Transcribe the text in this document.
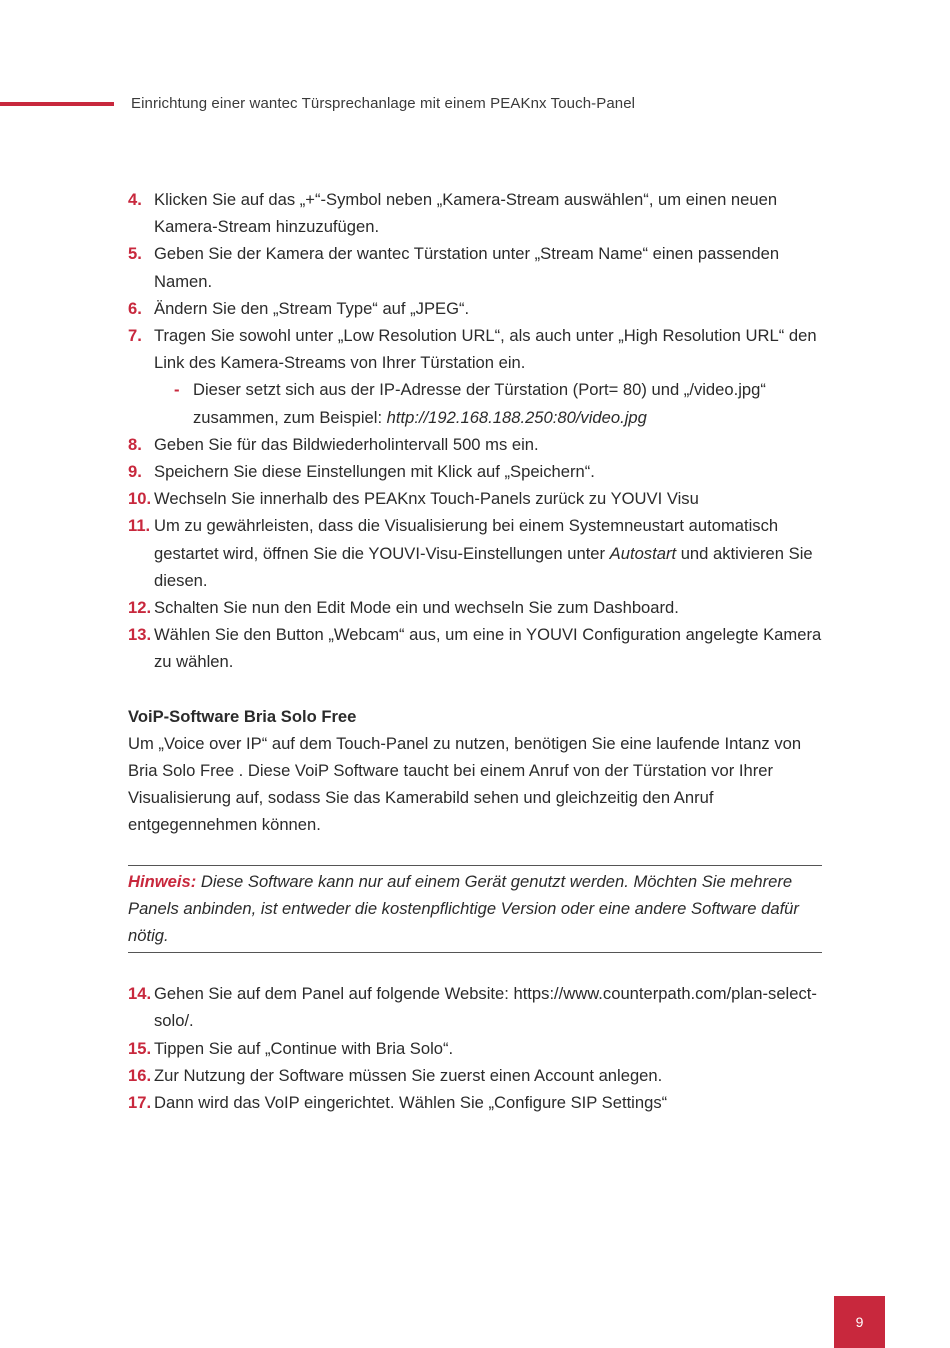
Einrichtung einer wantec Türsprechanlage mit einem PEAKnx Touch-Panel
4. Klicken Sie auf das „+“-Symbol neben „Kamera-Stream auswählen“, um einen neuen Kamera-Stream hinzuzufügen.
5. Geben Sie der Kamera der wantec Türstation unter „Stream Name“ einen passenden Namen.
6. Ändern Sie den „Stream Type“ auf „JPEG“.
7. Tragen Sie sowohl unter „Low Resolution URL“, als auch unter „High Resolution URL“ den Link des Kamera-Streams von Ihrer Türstation ein.
- Dieser setzt sich aus der IP-Adresse der Türstation (Port= 80) und „/video.jpg“ zusammen, zum Beispiel: http://192.168.188.250:80/video.jpg
8. Geben Sie für das Bildwiederholintervall 500 ms ein.
9. Speichern Sie diese Einstellungen mit Klick auf „Speichern“.
10. Wechseln Sie innerhalb des PEAKnx Touch-Panels zurück zu YOUVI Visu
11. Um zu gewährleisten, dass die Visualisierung bei einem Systemneustart automatisch gestartet wird, öffnen Sie die YOUVI-Visu-Einstellungen unter Autostart und aktivieren Sie diesen.
12. Schalten Sie nun den Edit Mode ein und wechseln Sie zum Dashboard.
13. Wählen Sie den Button „Webcam“ aus, um eine in YOUVI Configuration angelegte Kamera zu wählen.
VoiP-Software Bria Solo Free
Um „Voice over IP“ auf dem Touch-Panel zu nutzen, benötigen Sie eine laufende Intanz von Bria Solo Free . Diese VoiP Software taucht bei einem Anruf von der Türstation vor Ihrer Visualisierung auf, sodass Sie das Kamerabild sehen und gleichzeitig den Anruf entgegennehmen können.
Hinweis: Diese Software kann nur auf einem Gerät genutzt werden. Möchten Sie mehrere Panels anbinden, ist entweder die kostenpflichtige Version oder eine andere Software dafür nötig.
14. Gehen Sie auf dem Panel auf folgende Website: https://www.counterpath.com/plan-select-solo/.
15. Tippen Sie auf „Continue with Bria Solo“.
16. Zur Nutzung der Software müssen Sie zuerst einen Account anlegen.
17. Dann wird das VoIP eingerichtet. Wählen Sie „Configure SIP Settings“
9
